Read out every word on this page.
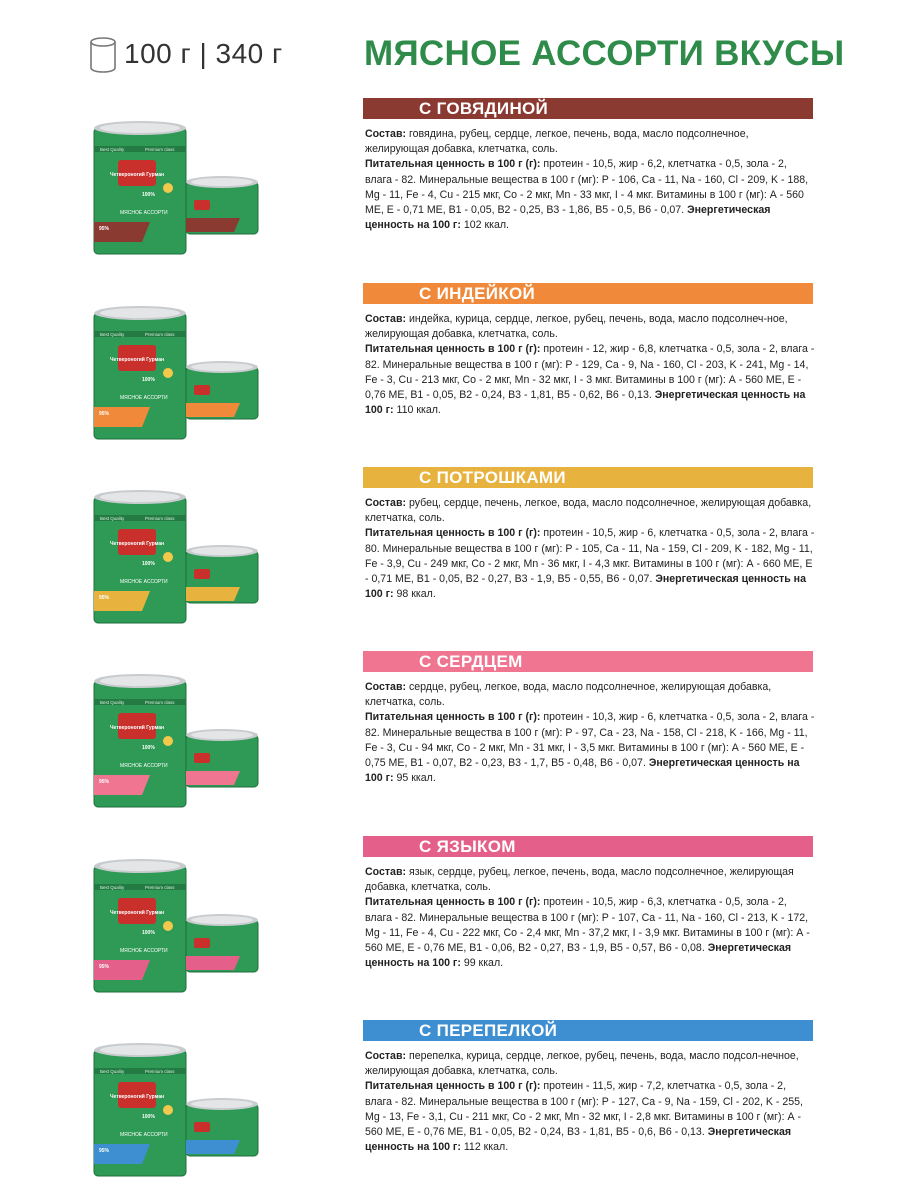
100 г | 340 г МЯСНОЕ АССОРТИ ВКУСЫ
Best Quality	Premium class
Четвероногий Гурман
100%
МЯСНОЕ АССОРТИ
95%
С ГОВЯДИНОЙ

Состав: говядина, рубец, сердце, легкое, печень, вода, масло подсолнечное, желирующая добавка, клетчатка, соль.

Питательная ценность в 100 г (г): протеин - 10,5, жир - 6,2, клетчатка - 0,5, зола - 2, влага - 82. Минеральные вещества в 100 г (мг): P - 106, Ca - 11, Na - 160, Cl - 209, K - 188, Mg - 11, Fe - 4, Cu - 215 мкг, Co - 2 мкг, Mn - 33 мкг, I - 4 мкг. Витамины в 100 г (мг): А - 560 МЕ, Е - 0,71 МЕ, В1 - 0,05, В2 - 0,25, В3 - 1,86, В5 - 0,5, В6 - 0,07. Энергетическая ценность на 100 г: 102 ккал.

Best Quality	Premium class
Четвероногий Гурман
100%
МЯСНОЕ АССОРТИ
95%
С ИНДЕЙКОЙ

Состав: индейка, курица, сердце, легкое, рубец, печень, вода, масло подсолнеч-ное, желирующая добавка, клетчатка, соль.

Питательная ценность в 100 г (г): протеин - 12, жир - 6,8, клетчатка - 0,5, зола - 2, влага - 82. Минеральные вещества в 100 г (мг): P - 129, Ca - 9, Na - 160, Cl - 203, K - 241, Mg - 14, Fe - 3, Cu - 213 мкг, Co - 2 мкг, Mn - 32 мкг, I - 3 мкг. Витамины в 100 г (мг): А - 560 МЕ, Е - 0,76 МЕ, В1 - 0,05, В2 - 0,24, В3 - 1,81, В5 - 0,62, В6 - 0,13. Энергетическая ценность на 100 г: 110 ккал.

Best Quality	Premium class
Четвероногий Гурман
100%
МЯСНОЕ АССОРТИ
95%
С ПОТРОШКАМИ

Состав: рубец, сердце, печень, легкое, вода, масло подсолнечное, желирующая добавка, клетчатка, соль.

Питательная ценность в 100 г (г): протеин - 10,5, жир - 6, клетчатка - 0,5, зола - 2, влага - 80. Минеральные вещества в 100 г (мг): P - 105, Ca - 11, Na - 159, Cl - 209, K - 182, Mg - 11, Fe - 3,9, Cu - 249 мкг, Co - 2 мкг, Mn - 36 мкг, I - 4,3 мкг. Витамины в 100 г (мг): А - 660 МЕ, Е - 0,71 МЕ, В1 - 0,05, В2 - 0,27, В3 - 1,9, В5 - 0,55, В6 - 0,07. Энергетическая ценность на 100 г: 98 ккал.

Best Quality	Premium class
Четвероногий Гурман
100%
МЯСНОЕ АССОРТИ
95%
С СЕРДЦЕМ

Состав: сердце, рубец, легкое, вода, масло подсолнечное, желирующая добавка, клетчатка, соль.

Питательная ценность в 100 г (г): протеин - 10,3, жир - 6, клетчатка - 0,5, зола - 2, влага - 82. Минеральные вещества в 100 г (мг): P - 97, Ca - 23, Na - 158, Cl - 218, K - 166, Mg - 11, Fe - 3, Cu - 94 мкг, Co - 2 мкг, Mn - 31 мкг, I - 3,5 мкг. Витамины в 100 г (мг): А - 560 МЕ, Е - 0,75 МЕ, В1 - 0,07, В2 - 0,23, В3 - 1,7, В5 - 0,48, В6 - 0,07. Энергетическая ценность на 100 г: 95 ккал.

Best Quality	Premium class
Четвероногий Гурман
100%
МЯСНОЕ АССОРТИ
95%
С ЯЗЫКОМ

Состав: язык, сердце, рубец, легкое, печень, вода, масло подсолнечное, желирующая добавка, клетчатка, соль.

Питательная ценность в 100 г (г): протеин - 10,5, жир - 6,3, клетчатка - 0,5, зола - 2, влага - 82. Минеральные вещества в 100 г (мг): P - 107, Ca - 11, Na - 160, Cl - 213, K - 172, Mg - 11, Fe - 4, Cu - 222 мкг, Co - 2,4 мкг, Mn - 37,2 мкг, I - 3,9 мкг. Витамины в 100 г (мг): А - 560 МЕ, Е - 0,76 МЕ, В1 - 0,06, В2 - 0,27, В3 - 1,9, В5 - 0,57, В6 - 0,08. Энергетическая ценность на 100 г: 99 ккал.

Best Quality	Premium class
Четвероногий Гурман
100%
МЯСНОЕ АССОРТИ
95%
С ПЕРЕПЕЛКОЙ

Состав: перепелка, курица, сердце, легкое, рубец, печень, вода, масло подсол-нечное, желирующая добавка, клетчатка, соль.

Питательная ценность в 100 г (г): протеин - 11,5, жир - 7,2, клетчатка - 0,5, зола - 2, влага - 82. Минеральные вещества в 100 г (мг): P - 127, Ca - 9, Na - 159, Cl - 202, K - 255, Mg - 13, Fe - 3,1, Cu - 211 мкг, Co - 2 мкг, Mn - 32 мкг, I - 2,8 мкг. Витамины в 100 г (мг): А - 560 МЕ, Е - 0,76 МЕ, В1 - 0,05, В2 - 0,24, В3 - 1,81, В5 - 0,6, В6 - 0,13. Энергетическая ценность на 100 г: 112 ккал.
